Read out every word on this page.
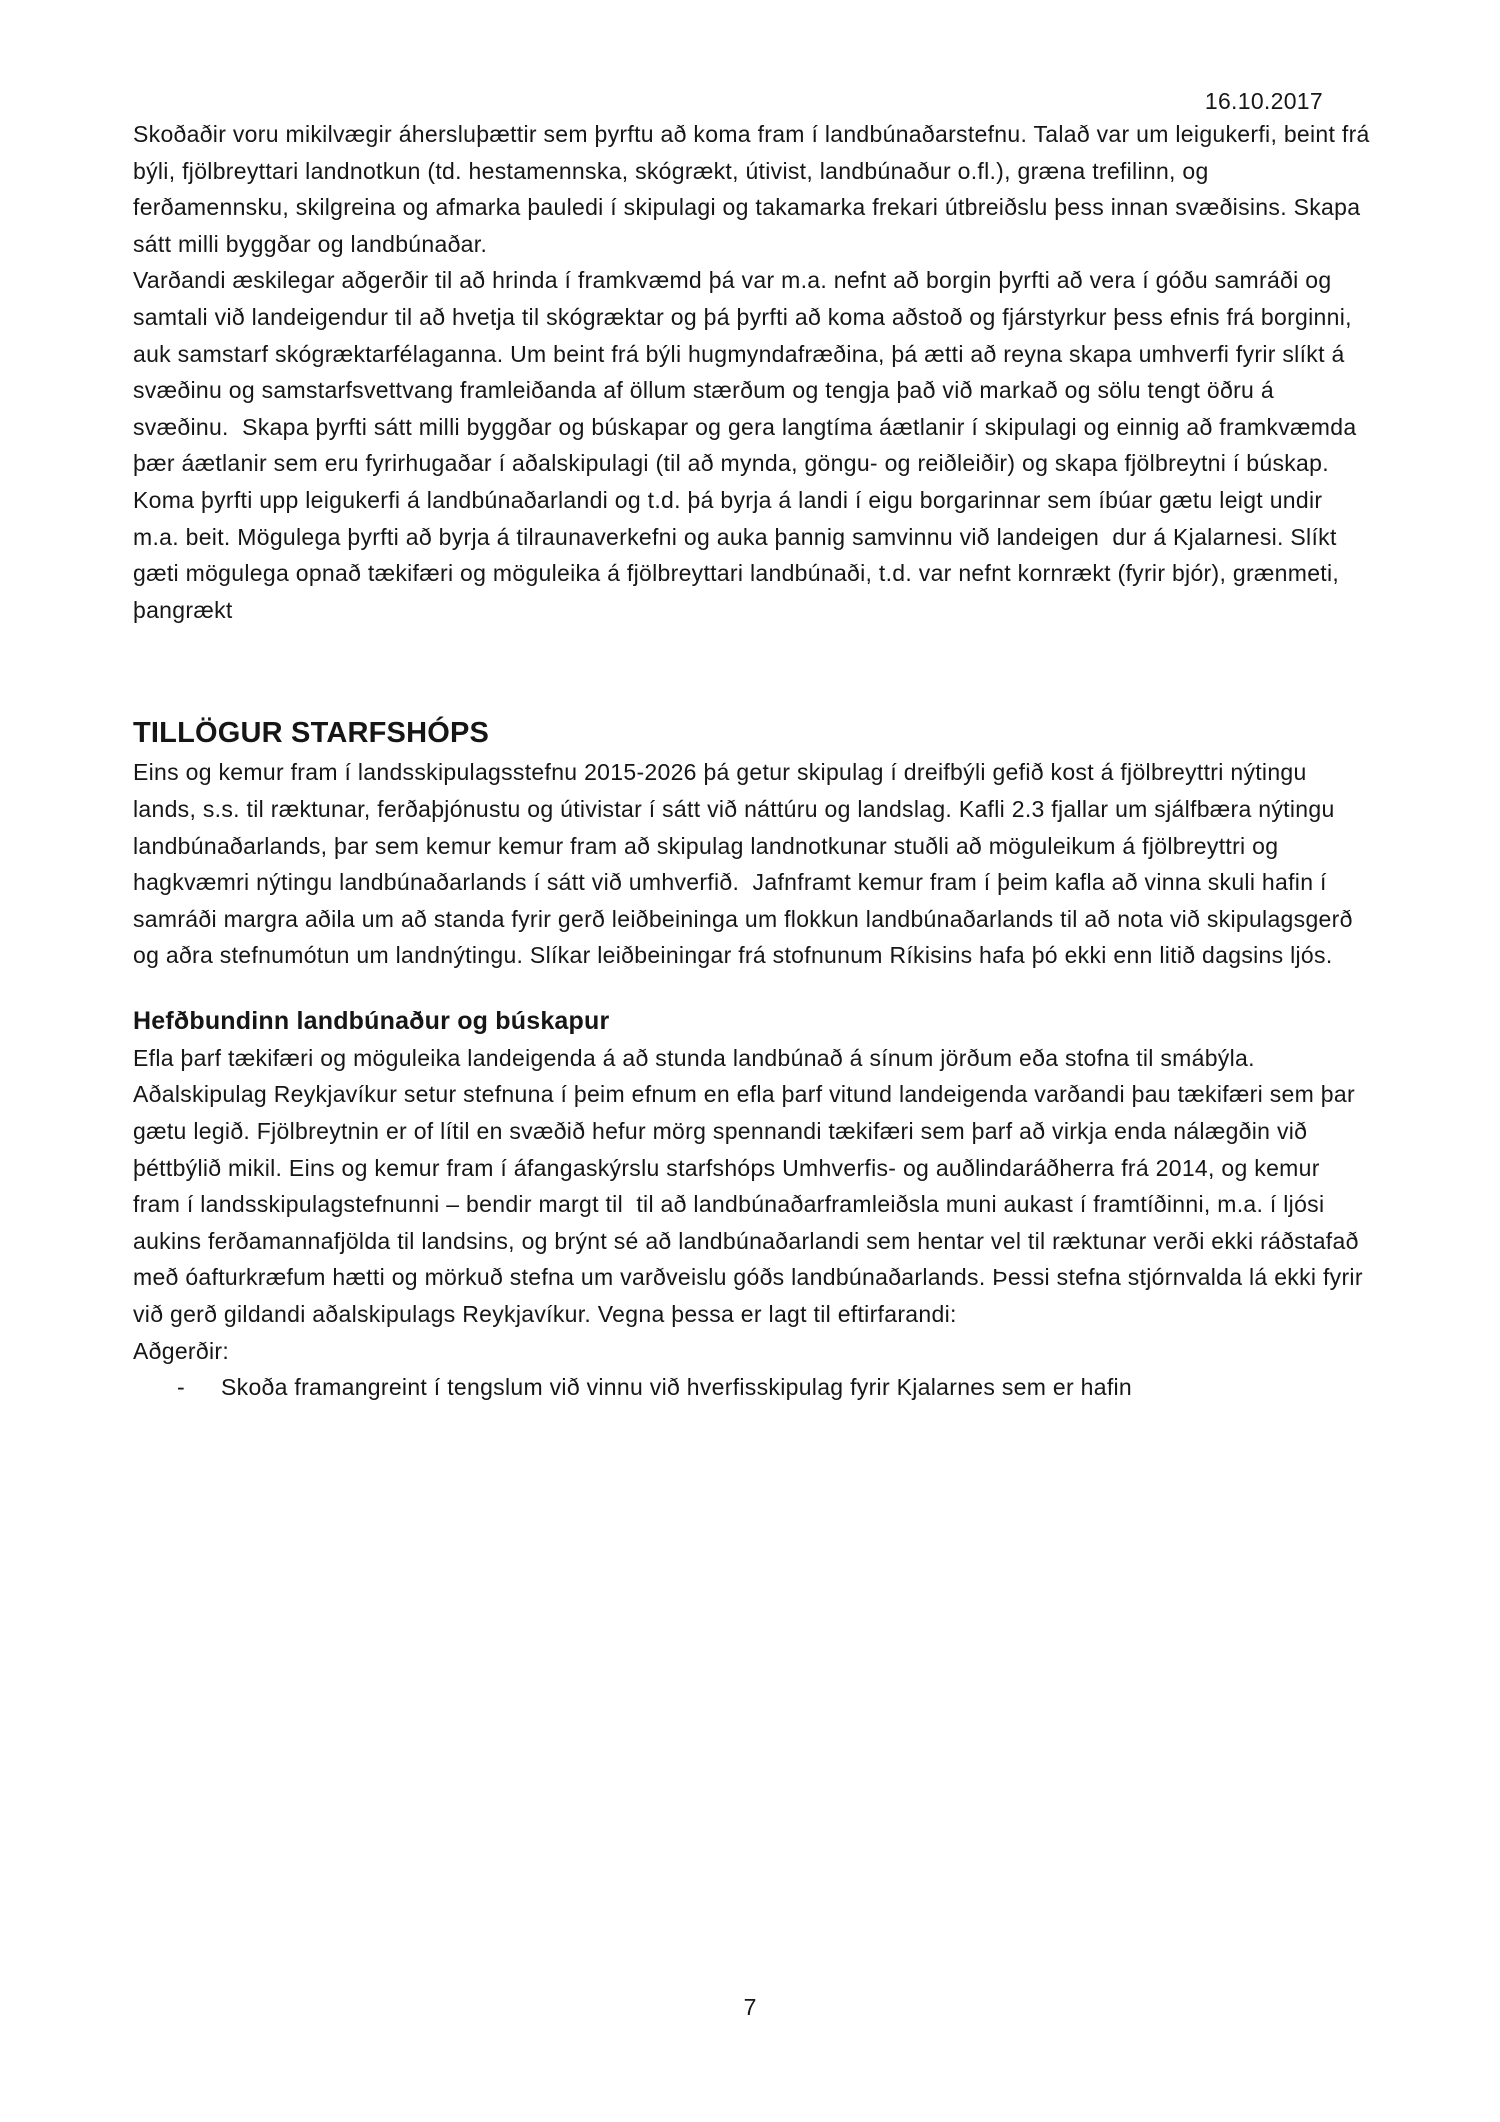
16.10.2017

Skoðaðir voru mikilvægir áhersluþættir sem þyrftu að koma fram í landbúnaðarstefnu. Talað var um leigukerfi, beint frá býli, fjölbreyttari landnotkun (td. hestamennska, skógrækt, útivist, landbúnaður o.fl.), græna trefilinn, og ferðamennsku, skilgreina og afmarka þauledi í skipulagi og takamarka frekari útbreiðslu þess innan svæðisins. Skapa sátt milli byggðar og landbúnaðar.

Varðandi æskilegar aðgerðir til að hrinda í framkvæmd þá var m.a. nefnt að borgin þyrfti að vera í góðu samráði og samtali við landeigendur til að hvetja til skógræktar og þá þyrfti að koma aðstoð og fjárstyrkur þess efnis frá borginni, auk samstarf skógræktarfélaganna. Um beint frá býli hugmyndafræðina, þá ætti að reyna skapa umhverfi fyrir slíkt á svæðinu og samstarfsvettvang framleiðanda af öllum stærðum og tengja það við markað og sölu tengt öðru á svæðinu.  Skapa þyrfti sátt milli byggðar og búskapar og gera langtíma áætlanir í skipulagi og einnig að framkvæmda þær áætlanir sem eru fyrirhugaðar í aðalskipulagi (til að mynda, göngu- og reiðleiðir) og skapa fjölbreytni í búskap. Koma þyrfti upp leigukerfi á landbúnaðarlandi og t.d. þá byrja á landi í eigu borgarinnar sem íbúar gætu leigt undir m.a. beit. Mögulega þyrfti að byrja á tilraunaverkefni og auka þannig samvinnu við landeigen  dur á Kjalarnesi. Slíkt gæti mögulega opnað tækifæri og möguleika á fjölbreyttari landbúnaði, t.d. var nefnt kornrækt (fyrir bjór), grænmeti, þangrækt

TILLÖGUR STARFSHÓPS

Eins og kemur fram í landsskipulagsstefnu 2015-2026 þá getur skipulag í dreifbýli gefið kost á fjölbreyttri nýtingu lands, s.s. til ræktunar, ferðaþjónustu og útivistar í sátt við náttúru og landslag. Kafli 2.3 fjallar um sjálfbæra nýtingu landbúnaðarlands, þar sem kemur kemur fram að skipulag landnotkunar stuðli að möguleikum á fjölbreyttri og hagkvæmri nýtingu landbúnaðarlands í sátt við umhverfið.  Jafnframt kemur fram í þeim kafla að vinna skuli hafin í samráði margra aðila um að standa fyrir gerð leiðbeininga um flokkun landbúnaðarlands til að nota við skipulagsgerð og aðra stefnumótun um landnýtingu. Slíkar leiðbeiningar frá stofnunum Ríkisins hafa þó ekki enn litið dagsins ljós.

Hefðbundinn landbúnaður og búskapur

Efla þarf tækifæri og möguleika landeigenda á að stunda landbúnað á sínum jörðum eða stofna til smábýla. Aðalskipulag Reykjavíkur setur stefnuna í þeim efnum en efla þarf vitund landeigenda varðandi þau tækifæri sem þar gætu legið. Fjölbreytnin er of lítil en svæðið hefur mörg spennandi tækifæri sem þarf að virkja enda nálægðin við þéttbýlið mikil. Eins og kemur fram í áfangaskýrslu starfshóps Umhverfis- og auðlindaráðherra frá 2014, og kemur fram í landsskipulagstefnunni – bendir margt til  til að landbúnaðarframleiðsla muni aukast í framtíðinni, m.a. í ljósi aukins ferðamannafjölda til landsins, og brýnt sé að landbúnaðarlandi sem hentar vel til ræktunar verði ekki ráðstafað með óafturkræfum hætti og mörkuð stefna um varðveislu góðs landbúnaðarlands. Þessi stefna stjórnvalda lá ekki fyrir við gerð gildandi aðalskipulags Reykjavíkur. Vegna þessa er lagt til eftirfarandi:

Aðgerðir:

-	Skoða framangreint í tengslum við vinnu við hverfisskipulag fyrir Kjalarnes sem er hafin
7
